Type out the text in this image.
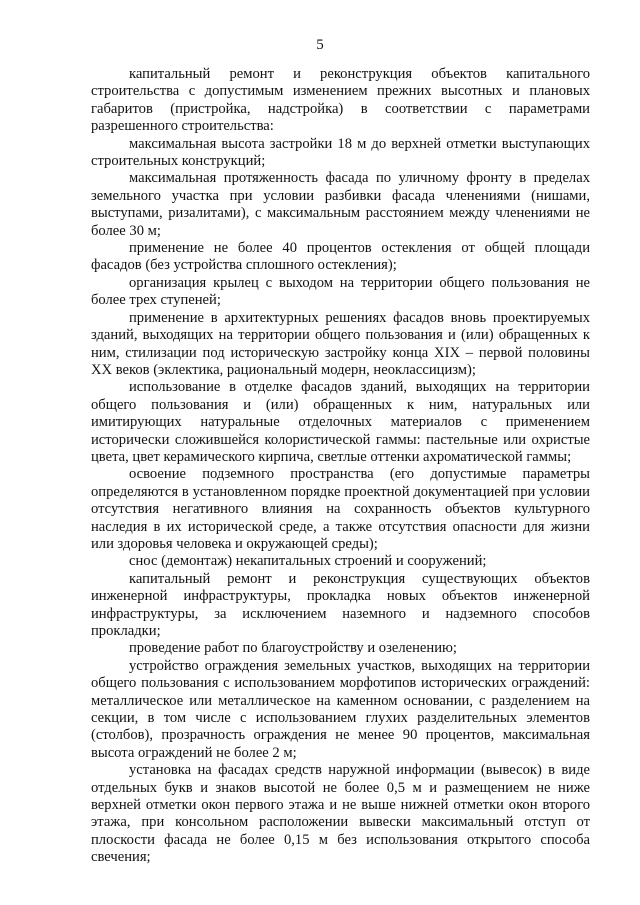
5

капитальный ремонт и реконструкция объектов капитального строительства с допустимым изменением прежних высотных и плановых габаритов (пристройка, надстройка) в соответствии с параметрами разрешенного строительства:

максимальная высота застройки 18 м до верхней отметки выступающих строительных конструкций;

максимальная протяженность фасада по уличному фронту в пределах земельного участка при условии разбивки фасада членениями (нишами, выступами, ризалитами), с максимальным расстоянием между членениями не более 30 м;

применение не более 40 процентов остекления от общей площади фасадов (без устройства сплошного остекления);

организация крылец с выходом на территории общего пользования не более трех ступеней;

применение в архитектурных решениях фасадов вновь проектируемых зданий, выходящих на территории общего пользования и (или) обращенных к ним, стилизации под историческую застройку конца XIX – первой половины XX веков (эклектика, рациональный модерн, неоклассицизм);

использование в отделке фасадов зданий, выходящих на территории общего пользования и (или) обращенных к ним, натуральных или имитирующих натуральные отделочных материалов с применением исторически сложившейся колористической гаммы: пастельные или охристые цвета, цвет керамического кирпича, светлые оттенки ахроматической гаммы;

освоение подземного пространства (его допустимые параметры определяются в установленном порядке проектной документацией при условии отсутствия негативного влияния на сохранность объектов культурного наследия в их исторической среде, а также отсутствия опасности для жизни или здоровья человека и окружающей среды);

снос (демонтаж) некапитальных строений и сооружений;

капитальный ремонт и реконструкция существующих объектов инженерной инфраструктуры, прокладка новых объектов инженерной инфраструктуры, за исключением наземного и надземного способов прокладки;

проведение работ по благоустройству и озеленению;

устройство ограждения земельных участков, выходящих на территории общего пользования с использованием морфотипов исторических ограждений: металлическое или металлическое на каменном основании, с разделением на секции, в том числе с использованием глухих разделительных элементов (столбов), прозрачность ограждения не менее 90 процентов, максимальная высота ограждений не более 2 м;

установка на фасадах средств наружной информации (вывесок) в виде отдельных букв и знаков высотой не более 0,5 м и размещением не ниже верхней отметки окон первого этажа и не выше нижней отметки окон второго этажа, при консольном расположении вывески максимальный отступ от плоскости фасада не более 0,15 м без использования открытого способа свечения;
